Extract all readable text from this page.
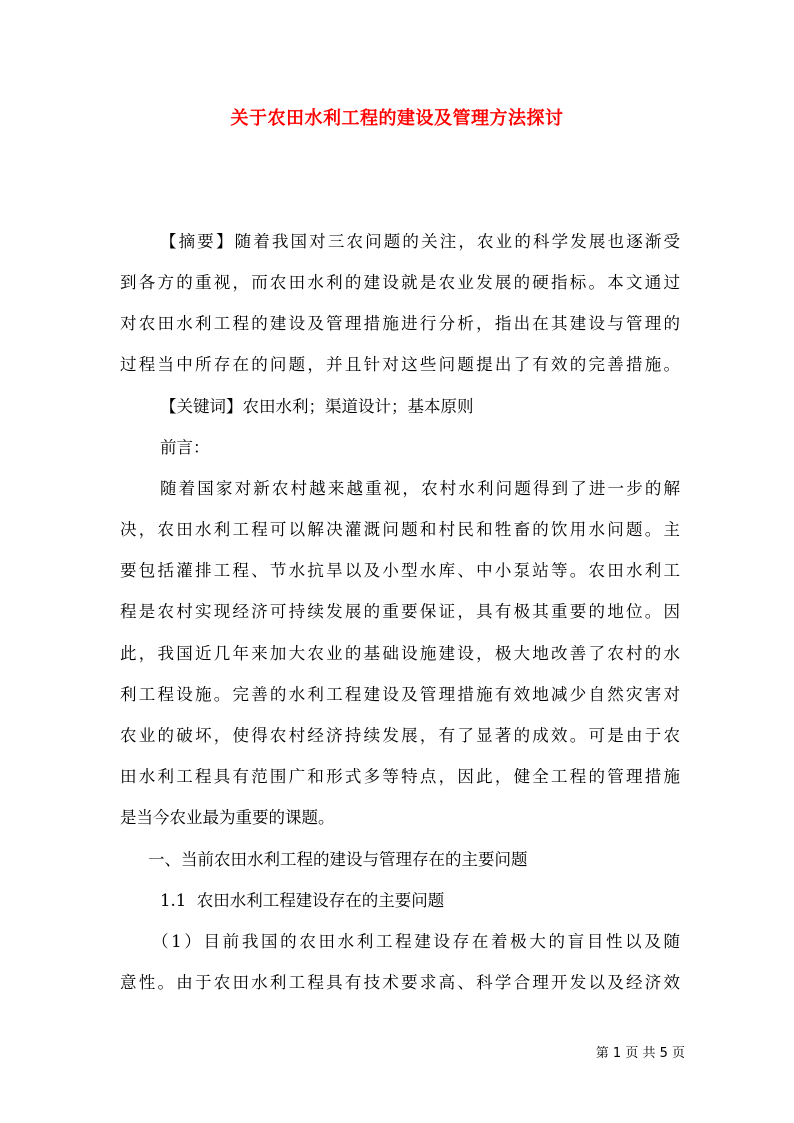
关于农田水利工程的建设及管理方法探讨
【摘要】随着我国对三农问题的关注，农业的科学发展也逐渐受
到各方的重视，而农田水利的建设就是农业发展的硬指标。本文通过
对农田水利工程的建设及管理措施进行分析，指出在其建设与管理的
过程当中所存在的问题，并且针对这些问题提出了有效的完善措施。
【关键词】农田水利；渠道设计；基本原则
前言：
随着国家对新农村越来越重视，农村水利问题得到了进一步的解
决，农田水利工程可以解决灌溉问题和村民和牲畜的饮用水问题。主
要包括灌排工程、节水抗旱以及小型水库、中小泵站等。农田水利工
程是农村实现经济可持续发展的重要保证，具有极其重要的地位。因
此，我国近几年来加大农业的基础设施建设，极大地改善了农村的水
利工程设施。完善的水利工程建设及管理措施有效地减少自然灾害对
农业的破坏，使得农村经济持续发展，有了显著的成效。可是由于农
田水利工程具有范围广和形式多等特点，因此，健全工程的管理措施
是当今农业最为重要的课题。
一、当前农田水利工程的建设与管理存在的主要问题
1.1  农田水利工程建设存在的主要问题
（1）目前我国的农田水利工程建设存在着极大的盲目性以及随
意性。由于农田水利工程具有技术要求高、科学合理开发以及经济效
第 1 页 共 5 页
